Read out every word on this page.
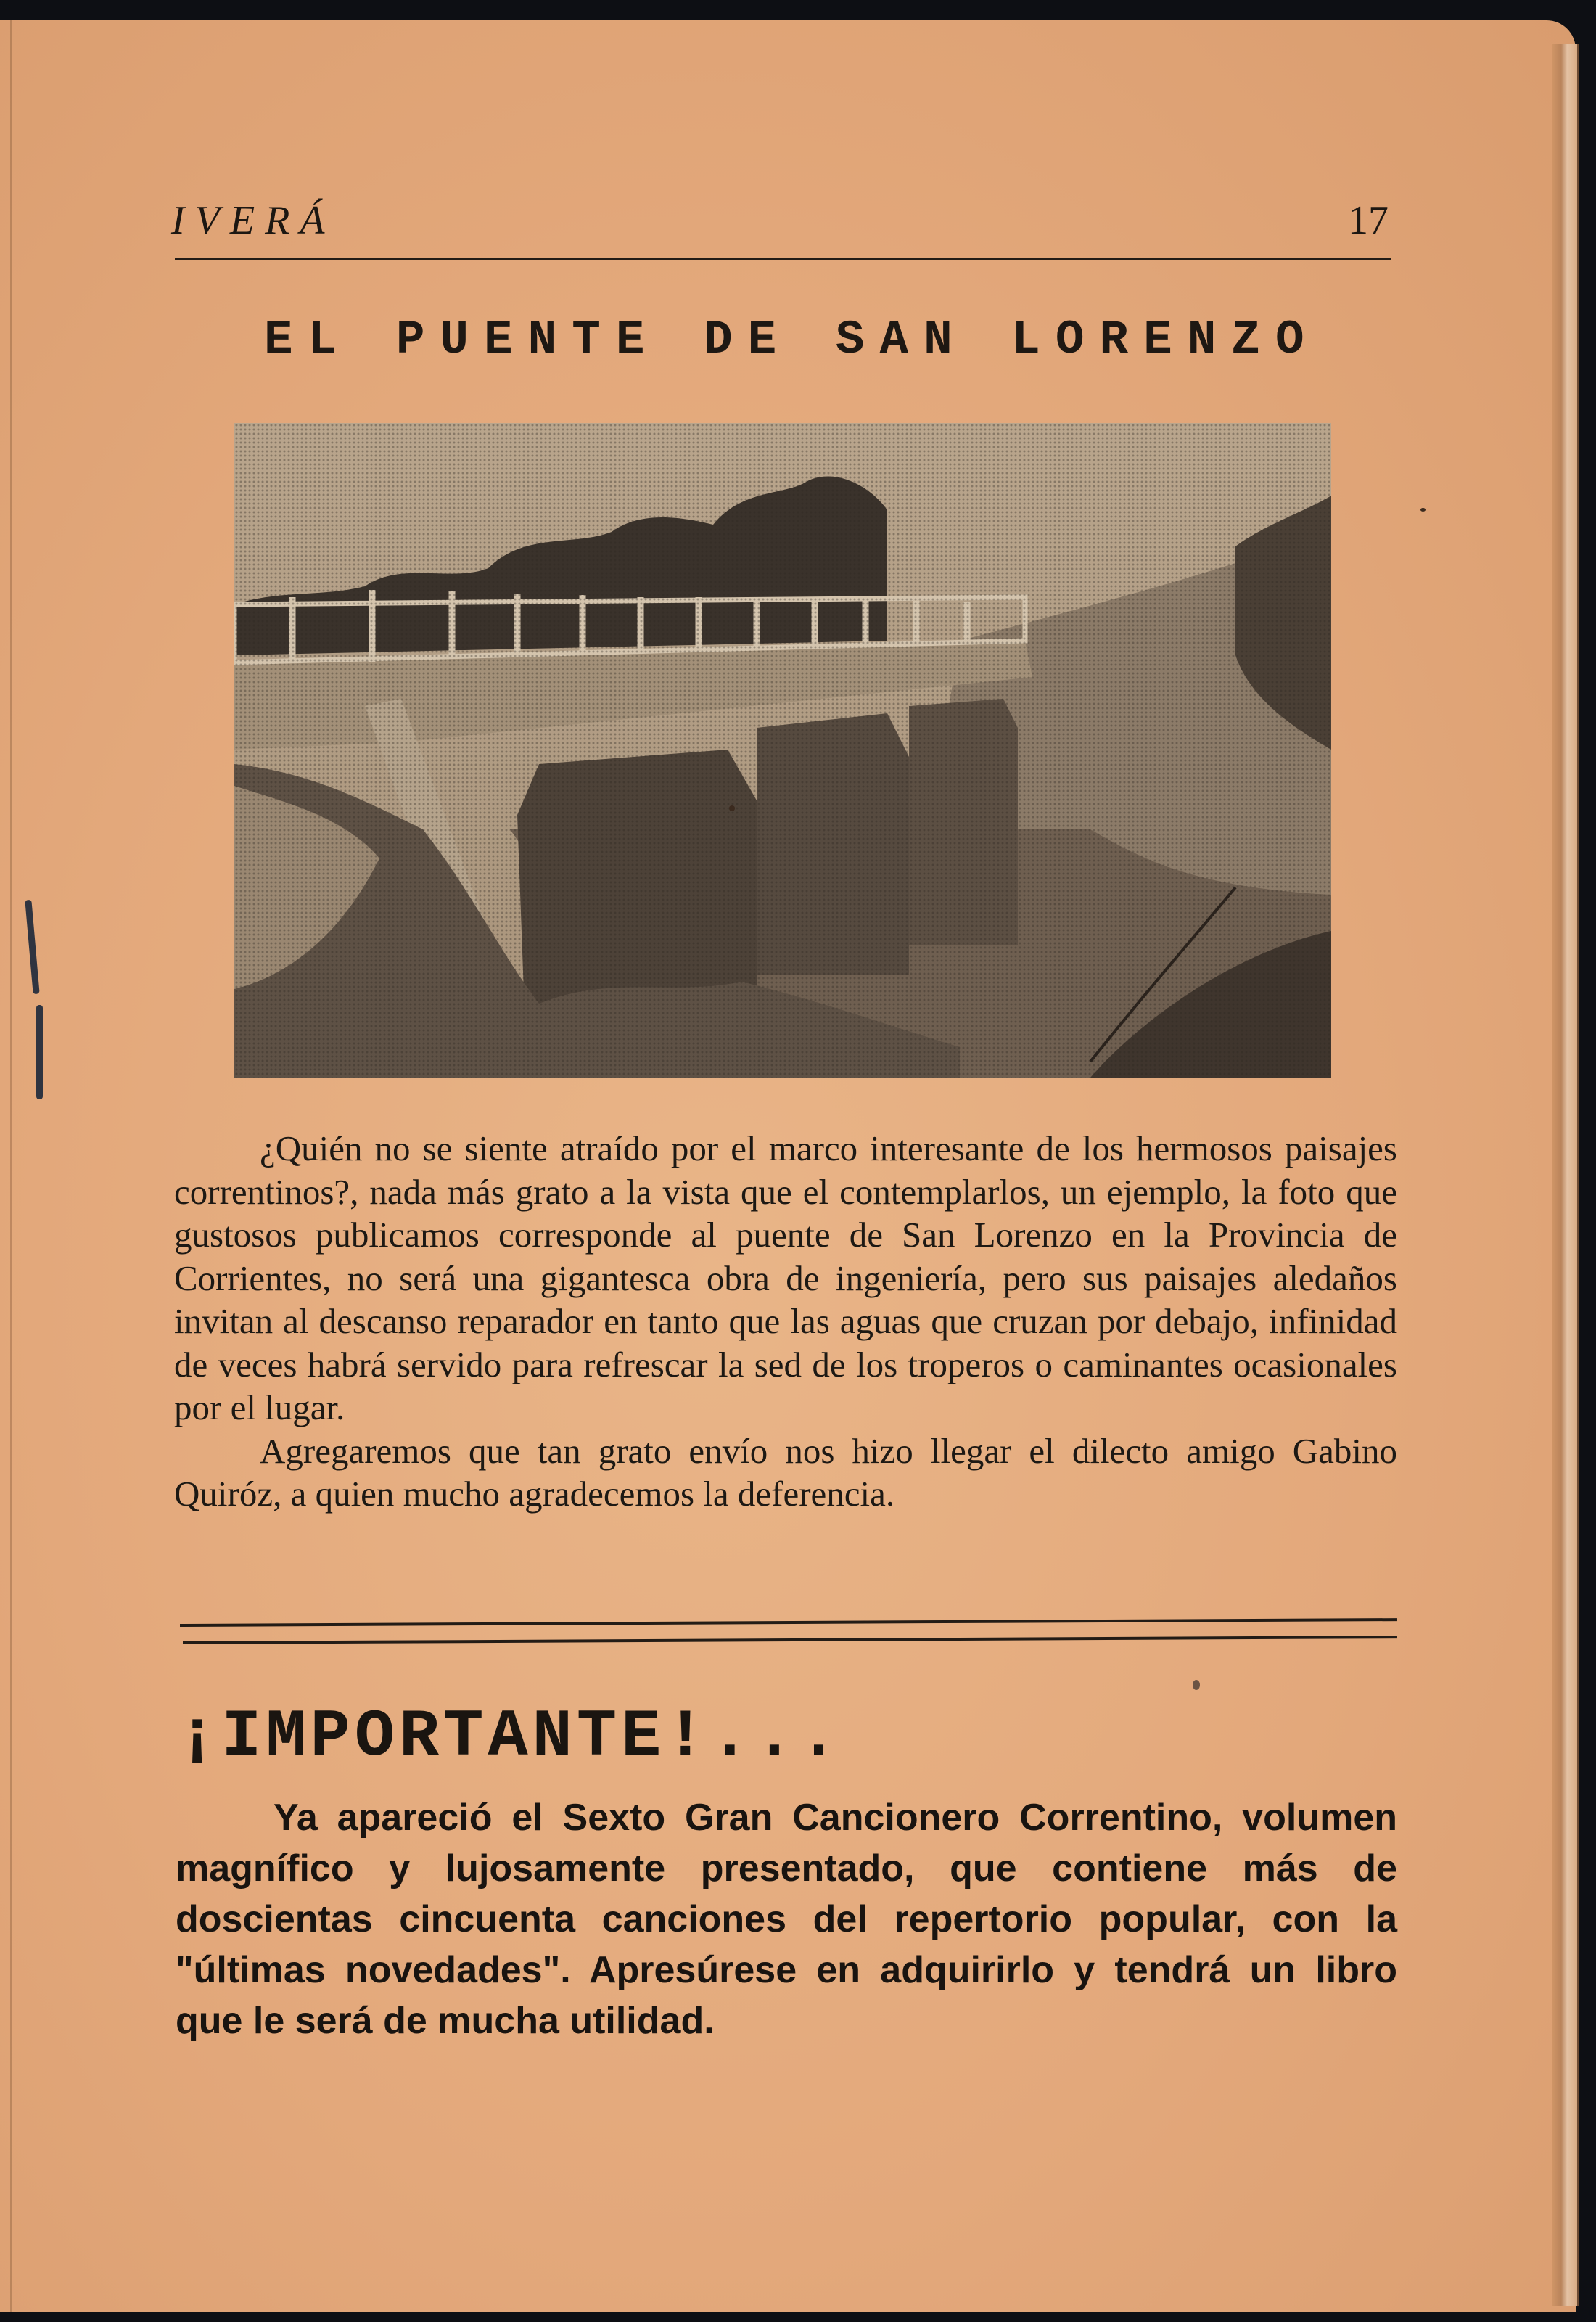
IVERÁ	17
EL PUENTE DE SAN LORENZO

¿Quién no se siente atraído por el marco interesante de los hermosos paisajes correntinos?, nada más grato a la vista que el contemplarlos, un ejemplo, la foto que gustosos publicamos corresponde al puente de San Lorenzo en la Provincia de Corrientes, no será una gigantesca obra de ingeniería, pero sus paisajes aledaños invitan al descanso reparador en tanto que las aguas que cruzan por debajo, infinidad de veces habrá servido para refrescar la sed de los troperos o caminantes ocasionales por el lugar.

Agregaremos que tan grato envío nos hizo llegar el dilecto amigo Gabino Quiróz, a quien mucho agradecemos la deferencia.

¡IMPORTANTE!...

Ya apareció el Sexto Gran Cancionero Correntino, volumen magnífico y lujosamente presentado, que contiene más de doscientas cincuenta canciones del repertorio popular, con la "últimas novedades". Apresúrese en adquirirlo y tendrá un libro que le será de mucha utilidad.
